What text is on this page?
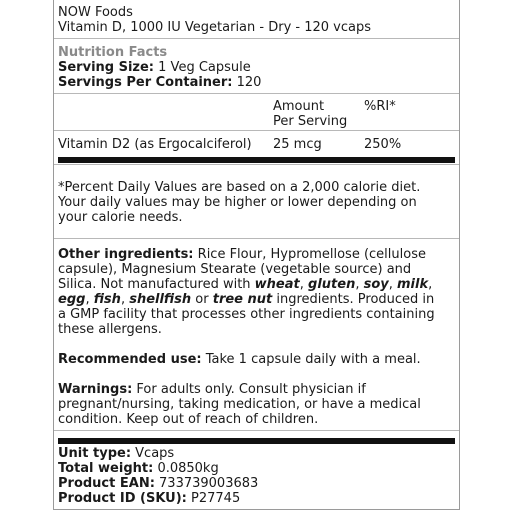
NOW Foods
Vitamin D, 1000 IU Vegetarian - Dry - 120 vcaps
Nutrition Facts
Serving Size: 1 Veg Capsule
Servings Per Container: 120
Amount
Per Serving
%RI*
Vitamin D2 (as Ergocalciferol) 25 mcg	250%
*Percent Daily Values are based on a 2,000 calorie diet.
Your daily values may be higher or lower depending on
your calorie needs.
Other ingredients: Rice Flour, Hypromellose (cellulose
capsule), Magnesium Stearate (vegetable source) and
Silica. Not manufactured with wheat, gluten, soy, milk,
egg, fish, shellfish or tree nut ingredients. Produced in
a GMP facility that processes other ingredients containing
these allergens.
Recommended use: Take 1 capsule daily with a meal.
Warnings: For adults only. Consult physician if
pregnant/nursing, taking medication, or have a medical
condition. Keep out of reach of children.
Unit type: Vcaps
Total weight: 0.0850kg
Product EAN: 733739003683
Product ID (SKU): P27745
